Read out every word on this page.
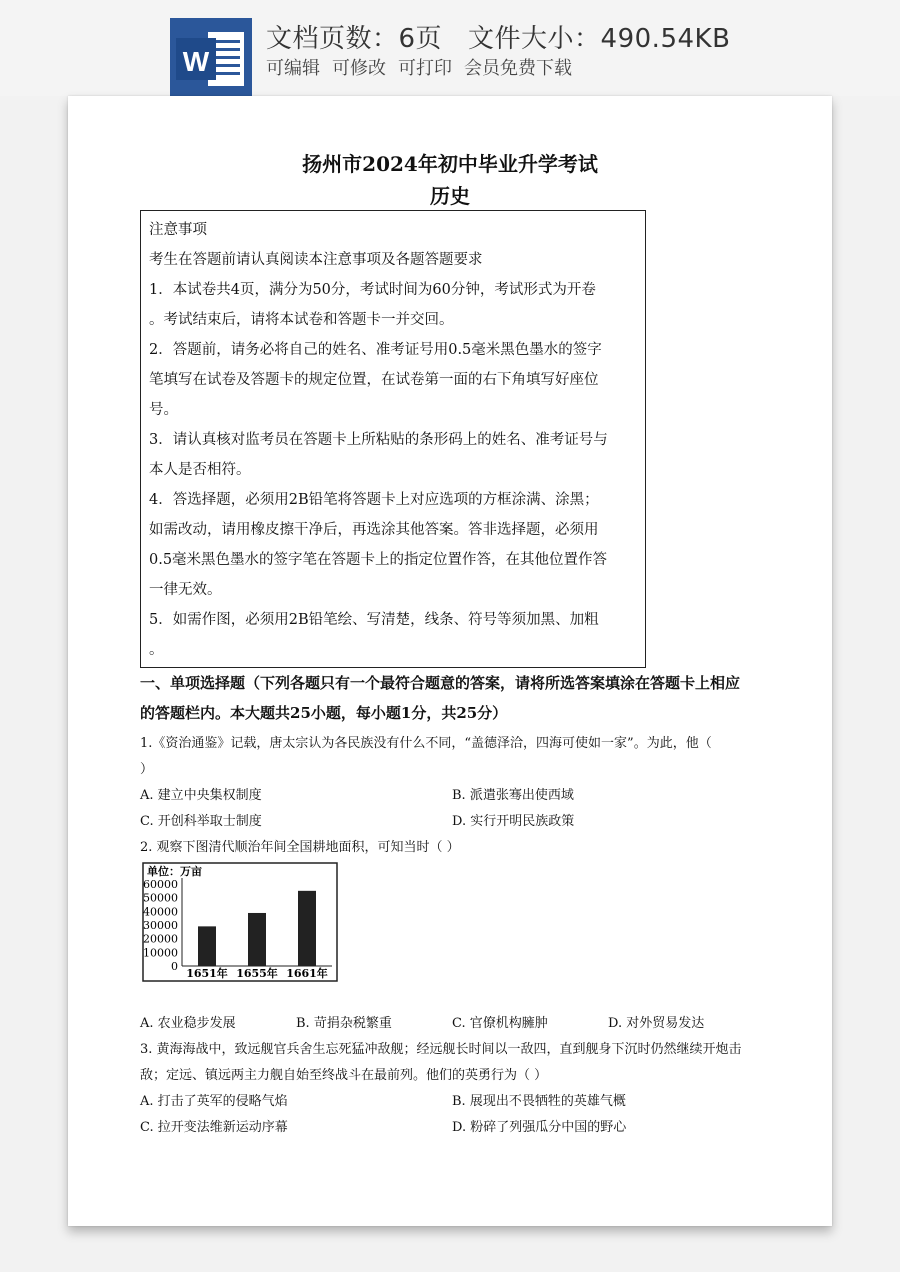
W
文档页数：6页 文件大小：490.54KB
可编辑 可修改 可打印 会员免费下载
扬州市2024年初中毕业升学考试
历史
注意事项
考生在答题前请认真阅读本注意事项及各题答题要求
1．本试卷共4页，满分为50分，考试时间为60分钟，考试形式为开卷
。考试结束后，请将本试卷和答题卡一并交回。
2．答题前，请务必将自己的姓名、准考证号用0.5毫米黑色墨水的签字
笔填写在试卷及答题卡的规定位置，在试卷第一面的右下角填写好座位
号。
3．请认真核对监考员在答题卡上所粘贴的条形码上的姓名、准考证号与
本人是否相符。
4．答选择题，必须用2B铅笔将答题卡上对应选项的方框涂满、涂黑；
如需改动，请用橡皮擦干净后，再选涂其他答案。答非选择题，必须用
0.5毫米黑色墨水的签字笔在答题卡上的指定位置作答，在其他位置作答
一律无效。
5．如需作图，必须用2B铅笔绘、写清楚，线条、符号等须加黑、加粗
。
一、单项选择题（下列各题只有一个最符合题意的答案，请将所选答案填涂在答题卡上相应
的答题栏内。本大题共25小题，每小题1分，共25分）
1.《资治通鉴》记载，唐太宗认为各民族没有什么不同，“盖德泽洽，四海可使如一家”。为此，他（
）
A. 建立中央集权制度	B. 派遣张骞出使西域
C. 开创科举取士制度	D. 实行开明民族政策
2. 观察下图清代顺治年间全国耕地面积，可知当时（ ）
单位：万亩
60000
50000
40000
30000
20000
10000
0
1651年 1655年 1661年
A. 农业稳步发展	B. 苛捐杂税繁重	C. 官僚机构臃肿	D. 对外贸易发达
3. 黄海海战中，致远舰官兵舍生忘死猛冲敌舰；经远舰长时间以一敌四，直到舰身下沉时仍然继续开炮击
敌；定远、镇远两主力舰自始至终战斗在最前列。他们的英勇行为（ ）
A. 打击了英军的侵略气焰	B. 展现出不畏牺牲的英雄气概
C. 拉开变法维新运动序幕	D. 粉碎了列强瓜分中国的野心
